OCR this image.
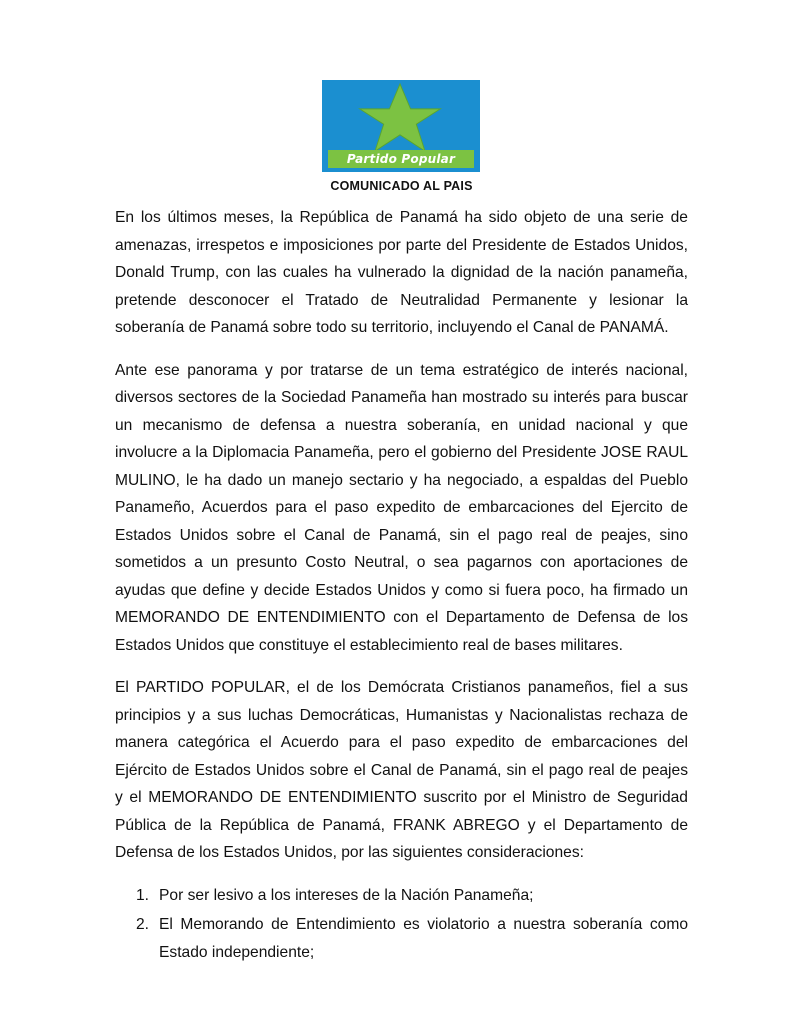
Partido Popular
COMUNICADO AL PAIS

En los últimos meses, la República de Panamá ha sido objeto de una serie de amenazas, irrespetos e imposiciones por parte del Presidente de Estados Unidos, Donald Trump, con las cuales ha vulnerado la dignidad de la nación panameña, pretende desconocer el Tratado de Neutralidad Permanente y lesionar la soberanía de Panamá sobre todo su territorio, incluyendo el Canal de PANAMÁ.

Ante ese panorama y por tratarse de un tema estratégico de interés nacional, diversos sectores de la Sociedad Panameña han mostrado su interés para buscar un mecanismo de defensa a nuestra soberanía, en unidad nacional y que involucre a la Diplomacia Panameña, pero el gobierno del Presidente JOSE RAUL MULINO, le ha dado un manejo sectario y ha negociado, a espaldas del Pueblo Panameño, Acuerdos para el paso expedito de embarcaciones del Ejercito de Estados Unidos sobre el Canal de Panamá, sin el pago real de peajes, sino sometidos a un presunto Costo Neutral, o sea pagarnos con aportaciones de ayudas que define y decide Estados Unidos y como si fuera poco, ha firmado un MEMORANDO DE ENTENDIMIENTO con el Departamento de Defensa de los Estados Unidos que constituye el establecimiento real de bases militares.

El PARTIDO POPULAR, el de los Demócrata Cristianos panameños, fiel a sus principios y a sus luchas Democráticas, Humanistas y Nacionalistas rechaza de manera categórica el Acuerdo para el paso expedito de embarcaciones del Ejército de Estados Unidos sobre el Canal de Panamá, sin el pago real de peajes y el MEMORANDO DE ENTENDIMIENTO suscrito por el Ministro de Seguridad Pública de la República de Panamá, FRANK ABREGO y el Departamento de Defensa de los Estados Unidos, por las siguientes consideraciones:

1. Por ser lesivo a los intereses de la Nación Panameña;
2. El Memorando de Entendimiento es violatorio a nuestra soberanía como Estado independiente;
